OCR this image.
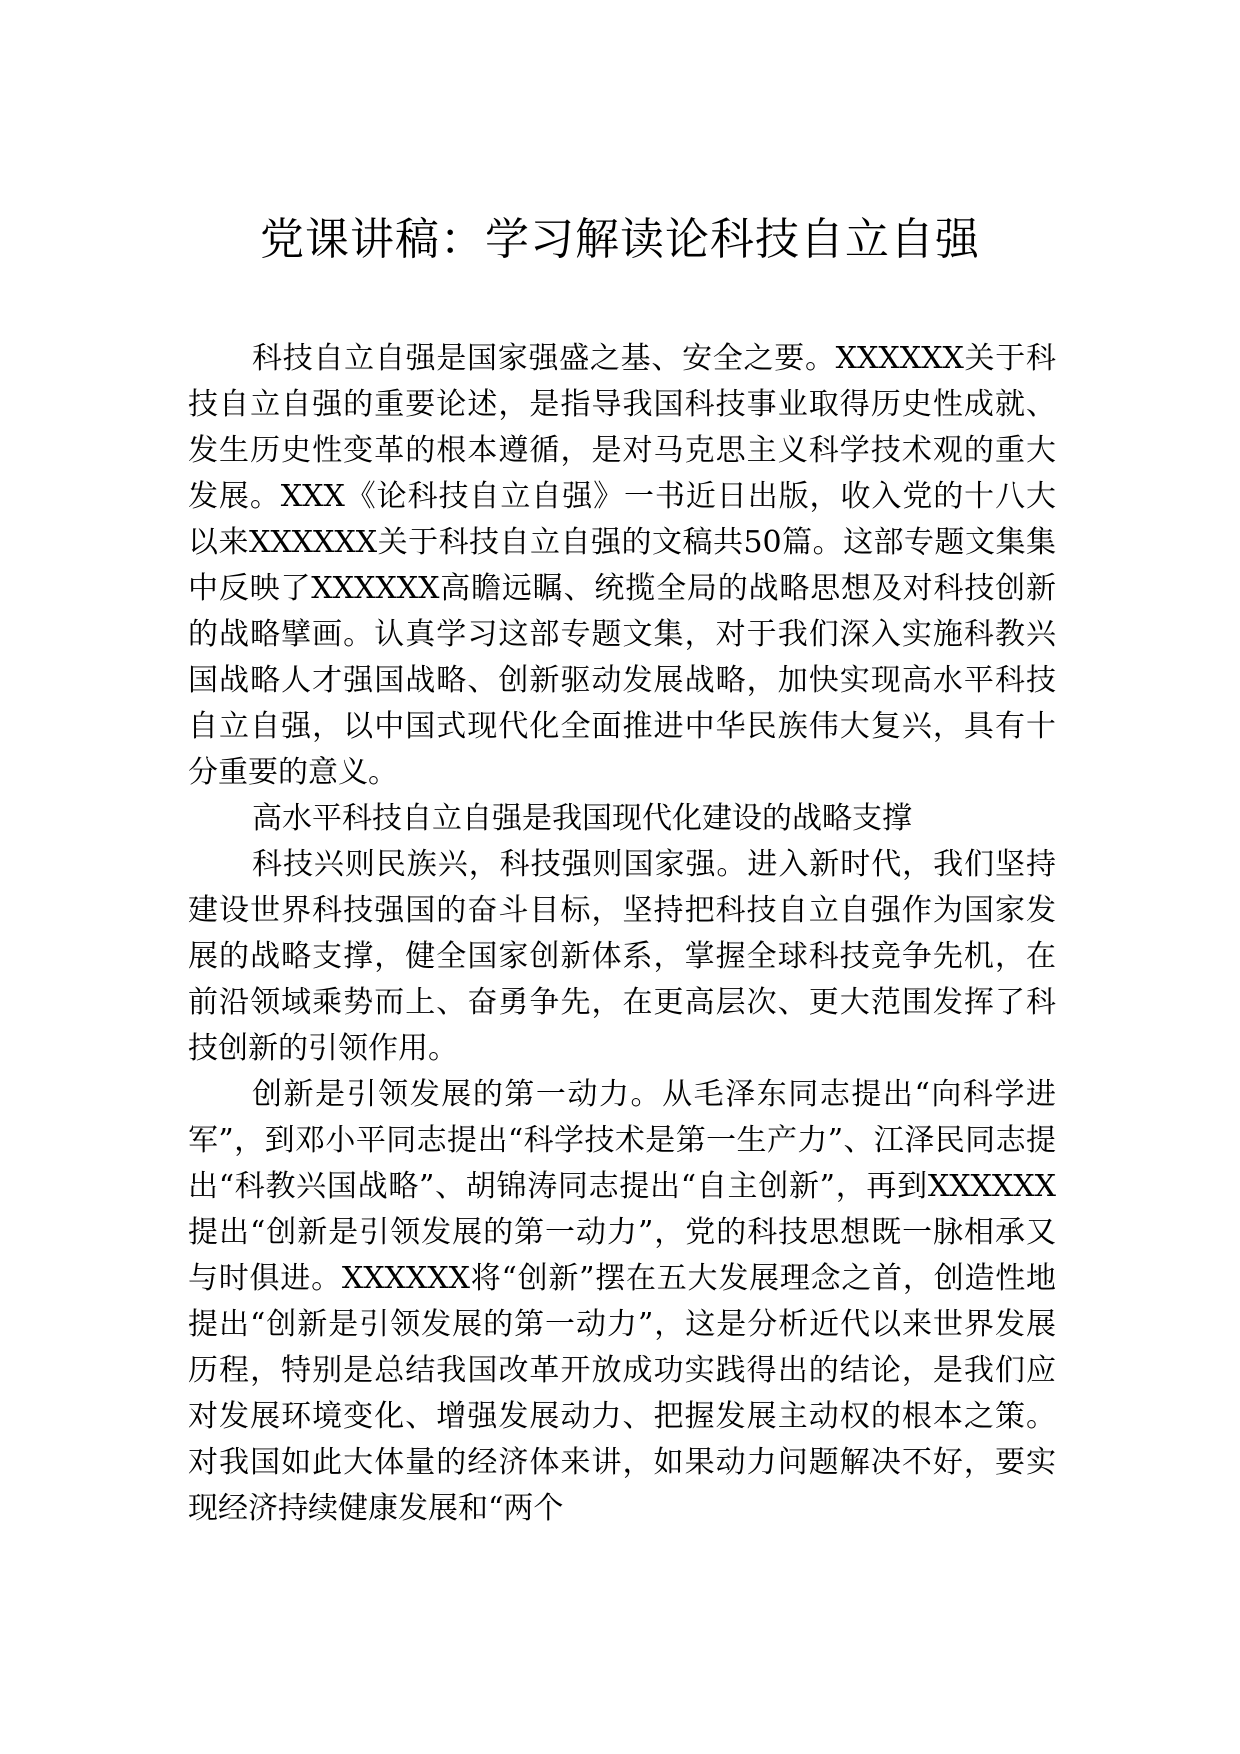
党课讲稿：学习解读论科技自立自强

科技自立自强是国家强盛之基、安全之要。XXXXXX关于科技自立自强的重要论述，是指导我国科技事业取得历史性成就、发生历史性变革的根本遵循，是对马克思主义科学技术观的重大发展。XXX《论科技自立自强》一书近日出版，收入党的十八大以来XXXXXX关于科技自立自强的文稿共50篇。这部专题文集集中反映了XXXXXX高瞻远瞩、统揽全局的战略思想及对科技创新的战略擘画。认真学习这部专题文集，对于我们深入实施科教兴国战略人才强国战略、创新驱动发展战略，加快实现高水平科技自立自强，以中国式现代化全面推进中华民族伟大复兴，具有十分重要的意义。

高水平科技自立自强是我国现代化建设的战略支撑

科技兴则民族兴，科技强则国家强。进入新时代，我们坚持建设世界科技强国的奋斗目标，坚持把科技自立自强作为国家发展的战略支撑，健全国家创新体系，掌握全球科技竞争先机，在前沿领域乘势而上、奋勇争先，在更高层次、更大范围发挥了科技创新的引领作用。

创新是引领发展的第一动力。从毛泽东同志提出“向科学进军”，到邓小平同志提出“科学技术是第一生产力”、江泽民同志提出“科教兴国战略”、胡锦涛同志提出“自主创新”，再到XXXXXX提出“创新是引领发展的第一动力”，党的科技思想既一脉相承又与时俱进。XXXXXX将“创新”摆在五大发展理念之首，创造性地提出“创新是引领发展的第一动力”，这是分析近代以来世界发展历程，特别是总结我国改革开放成功实践得出的结论，是我们应对发展环境变化、增强发展动力、把握发展主动权的根本之策。对我国如此大体量的经济体来讲，如果动力问题解决不好，要实现经济持续健康发展和“两个
